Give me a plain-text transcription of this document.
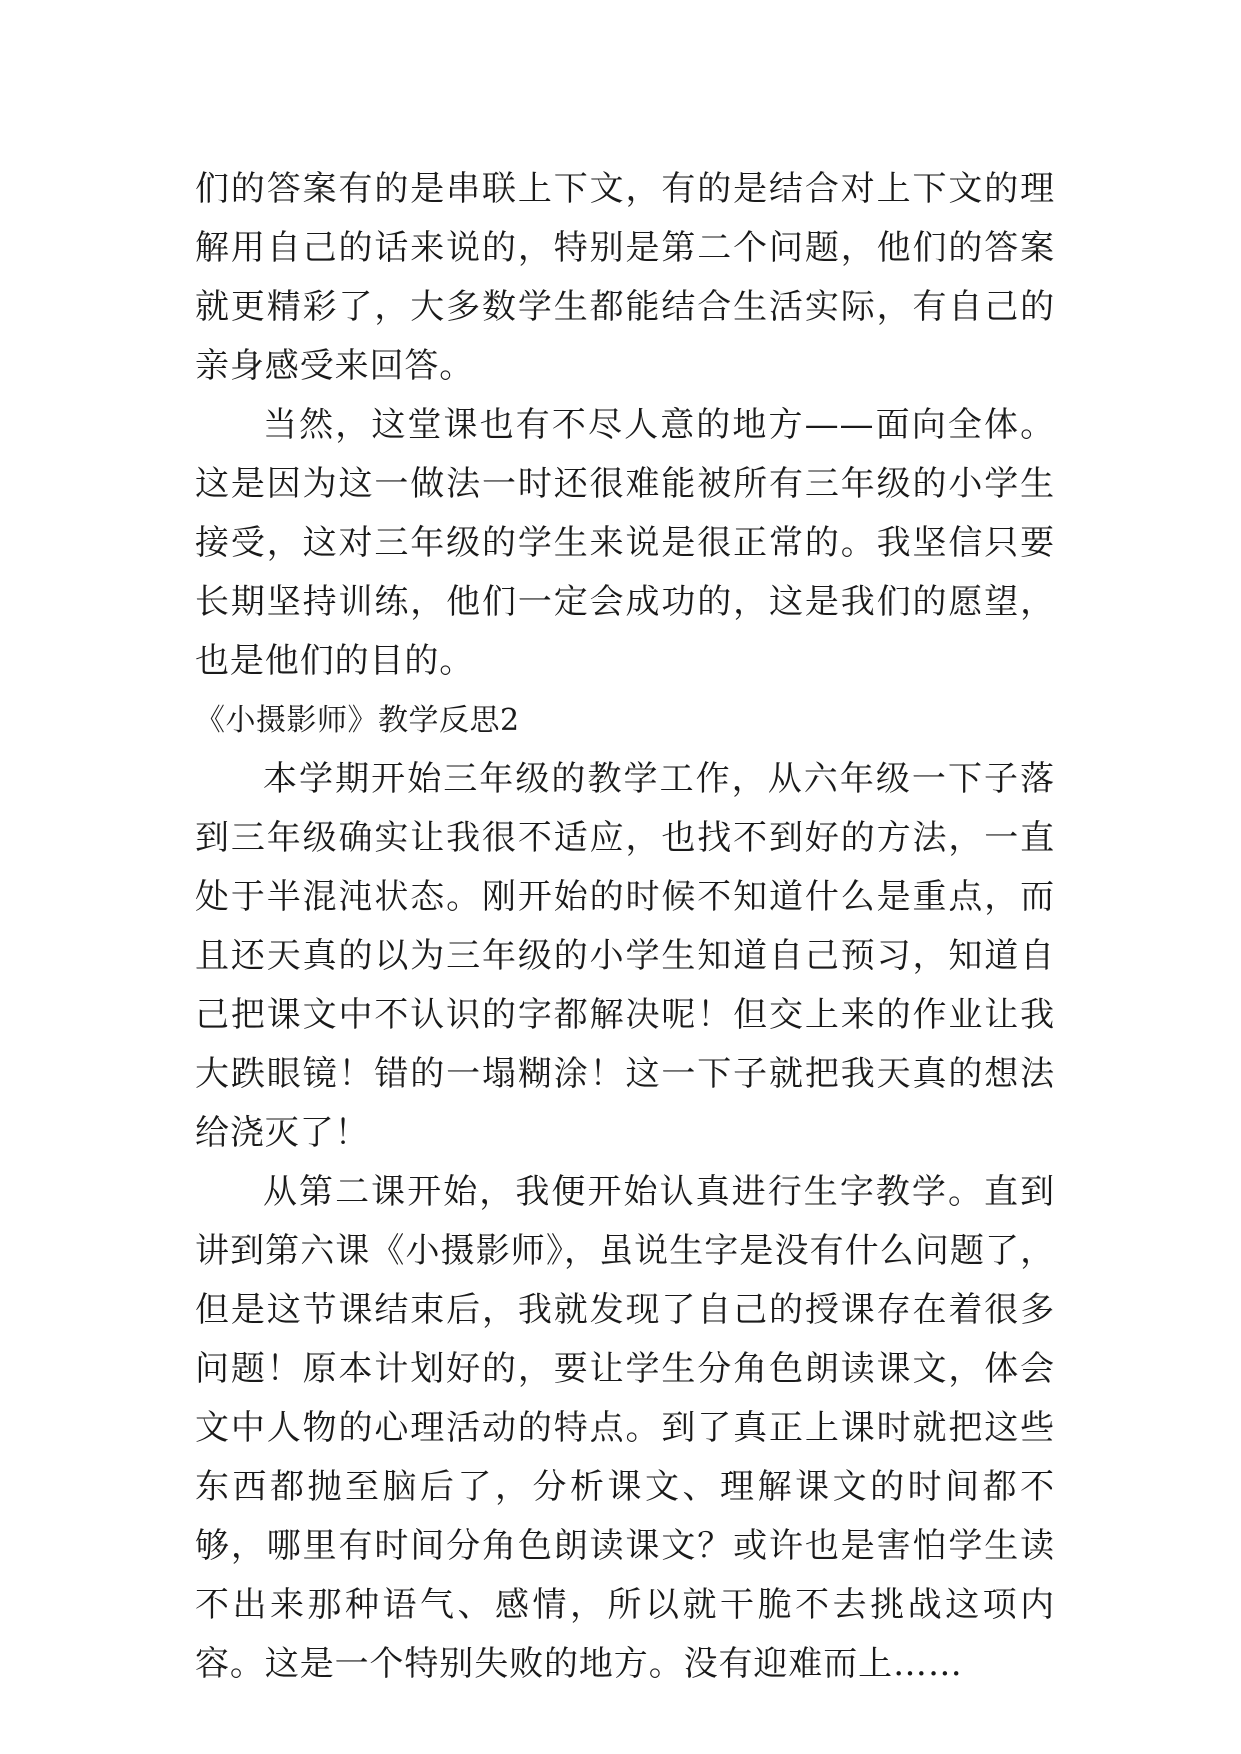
们的答案有的是串联上下文，有的是结合对上下文的理解用自己的话来说的，特别是第二个问题，他们的答案就更精彩了，大多数学生都能结合生活实际，有自己的亲身感受来回答。

当然，这堂课也有不尽人意的地方——面向全体。这是因为这一做法一时还很难能被所有三年级的小学生接受，这对三年级的学生来说是很正常的。我坚信只要长期坚持训练，他们一定会成功的，这是我们的愿望，也是他们的目的。

《小摄影师》教学反思2

本学期开始三年级的教学工作，从六年级一下子落到三年级确实让我很不适应，也找不到好的方法，一直处于半混沌状态。刚开始的时候不知道什么是重点，而且还天真的以为三年级的小学生知道自己预习，知道自己把课文中不认识的字都解决呢！但交上来的作业让我大跌眼镜！错的一塌糊涂！这一下子就把我天真的想法给浇灭了！

从第二课开始，我便开始认真进行生字教学。直到讲到第六课《小摄影师》，虽说生字是没有什么问题了，但是这节课结束后，我就发现了自己的授课存在着很多问题！原本计划好的，要让学生分角色朗读课文，体会文中人物的心理活动的特点。到了真正上课时就把这些东西都抛至脑后了，分析课文、理解课文的时间都不够，哪里有时间分角色朗读课文？或许也是害怕学生读不出来那种语气、感情，所以就干脆不去挑战这项内容。这是一个特别失败的地方。没有迎难而上……
